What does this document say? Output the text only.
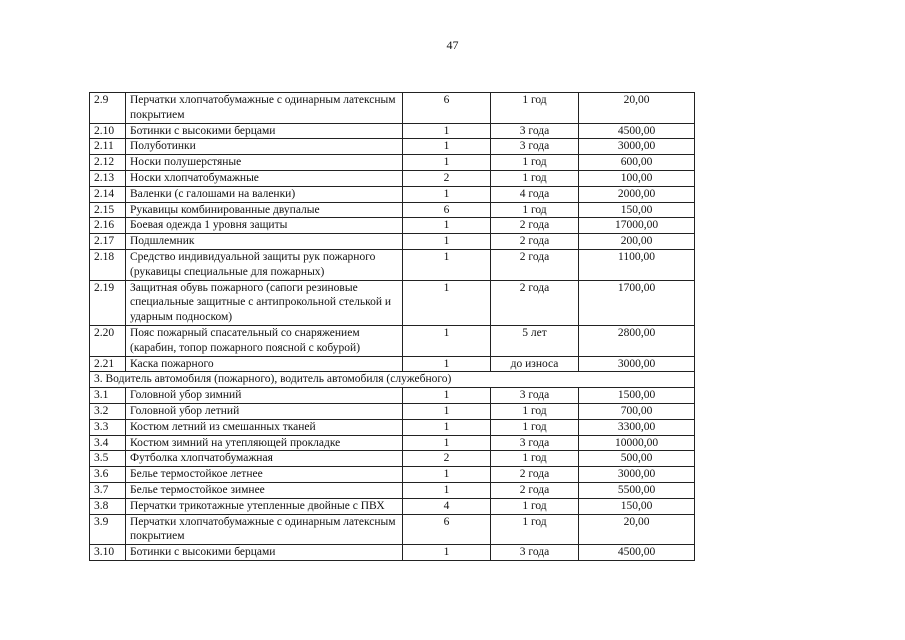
47
2.9	Перчатки хлопчатобумажные с одинарным латексным покрытием	6	1 год	20,00
2.10	Ботинки с высокими берцами	1	3 года	4500,00
2.11	Полуботинки	1	3 года	3000,00
2.12	Носки полушерстяные	1	1 год	600,00
2.13	Носки хлопчатобумажные	2	1 год	100,00
2.14	Валенки (с галошами на валенки)	1	4 года	2000,00
2.15	Рукавицы комбинированные двупалые	6	1 год	150,00
2.16	Боевая одежда 1 уровня защиты	1	2 года	17000,00
2.17	Подшлемник	1	2 года	200,00
2.18	Средство индивидуальной защиты рук пожарного (рукавицы специальные для пожарных)	1	2 года	1100,00
2.19	Защитная обувь пожарного (сапоги резиновые специальные защитные с антипрокольной стелькой и ударным подноском)	1	2 года	1700,00
2.20	Пояс пожарный спасательный со снаряжением (карабин, топор пожарного поясной с кобурой)	1	5 лет	2800,00
2.21	Каска пожарного	1	до износа	3000,00
3. Водитель автомобиля (пожарного), водитель автомобиля (служебного)				
3.1	Головной убор зимний	1	3 года	1500,00
3.2	Головной убор летний	1	1 год	700,00
3.3	Костюм летний из смешанных тканей	1	1 год	3300,00
3.4	Костюм зимний на утепляющей прокладке	1	3 года	10000,00
3.5	Футболка хлопчатобумажная	2	1 год	500,00
3.6	Белье термостойкое летнее	1	2 года	3000,00
3.7	Белье термостойкое зимнее	1	2 года	5500,00
3.8	Перчатки трикотажные утепленные двойные с ПВХ	4	1 год	150,00
3.9	Перчатки хлопчатобумажные с одинарным латексным покрытием	6	1 год	20,00
3.10	Ботинки с высокими берцами	1	3 года	4500,00
